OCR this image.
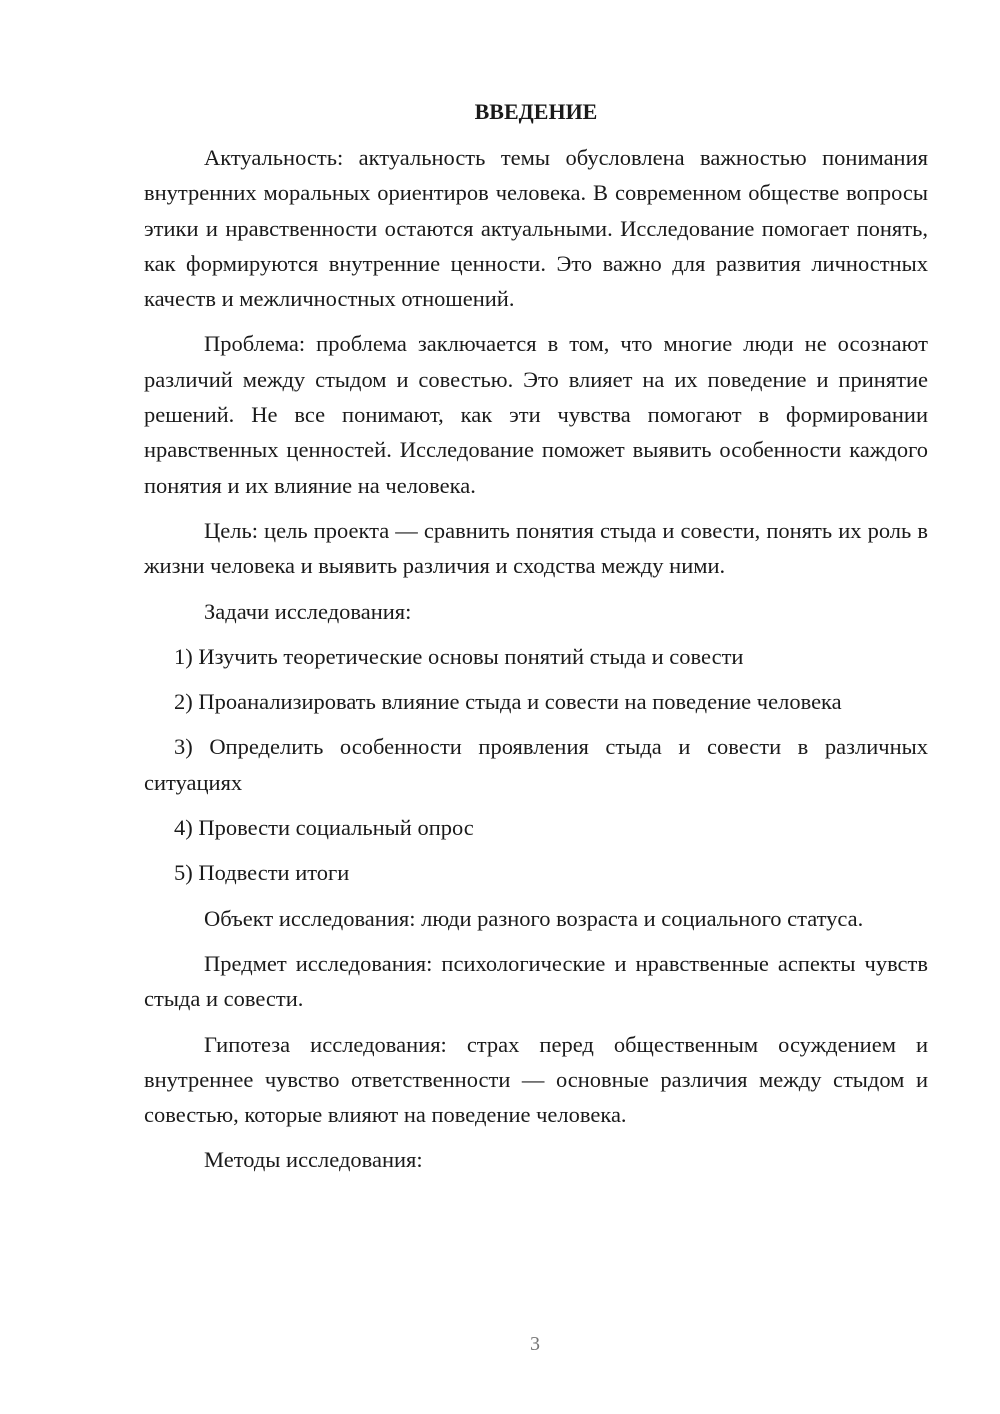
ВВЕДЕНИЕ

Актуальность: актуальность темы обусловлена важностью понимания внутренних моральных ориентиров человека. В современном обществе вопросы этики и нравственности остаются актуальными. Исследование помогает понять, как формируются внутренние ценности. Это важно для развития личностных качеств и межличностных отношений.

Проблема: проблема заключается в том, что многие люди не осознают различий между стыдом и совестью. Это влияет на их поведение и принятие решений. Не все понимают, как эти чувства помогают в формировании нравственных ценностей. Исследование поможет выявить особенности каждого понятия и их влияние на человека.

Цель: цель проекта — сравнить понятия стыда и совести, понять их роль в жизни человека и выявить различия и сходства между ними.

Задачи исследования:

1) Изучить теоретические основы понятий стыда и совести

2) Проанализировать влияние стыда и совести на поведение человека

3) Определить особенности проявления стыда и совести в различных ситуациях

4) Провести социальный опрос

5) Подвести итоги

Объект исследования: люди разного возраста и социального статуса.

Предмет исследования: психологические и нравственные аспекты чувств стыда и совести.

Гипотеза исследования: страх перед общественным осуждением и внутреннее чувство ответственности — основные различия между стыдом и совестью, которые влияют на поведение человека.

Методы исследования:

3
